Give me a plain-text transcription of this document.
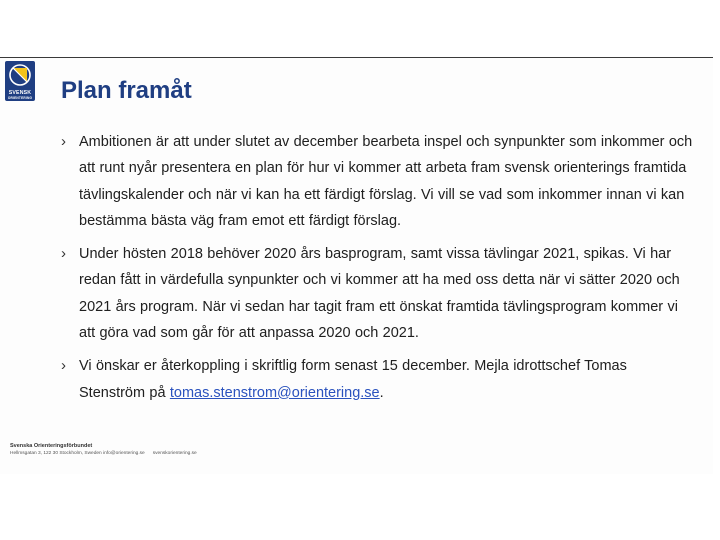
SVENSK
ORIENTERING Plan framåt
› Ambitionen är att under slutet av december bearbeta inspel och synpunkter som inkommer och att runt nyår presentera en plan för hur vi kommer att arbeta fram svensk orienterings framtida tävlingskalender och när vi kan ha ett färdigt förslag. Vi vill se vad som inkommer innan vi kan bestämma bästa väg fram emot ett färdigt förslag.

› Under hösten 2018 behöver 2020 års basprogram, samt vissa tävlingar 2021, spikas. Vi har redan fått in värdefulla synpunkter och vi kommer att ha med oss detta när vi sätter 2020 och 2021 års program. När vi sedan har tagit fram ett önskat framtida tävlingsprogram kommer vi att göra vad som går för att anpassa 2020 och 2021.

› Vi önskar er återkoppling i skriftlig form senast 15 december. Mejla idrottschef Tomas Stenström på tomas.stenstrom@orientering.se.

Svenska Orienteringsförbundet
Hellmsgatan 3, 122 30 Stockholm, Sweden info@orientering.se svenskorientering.se
